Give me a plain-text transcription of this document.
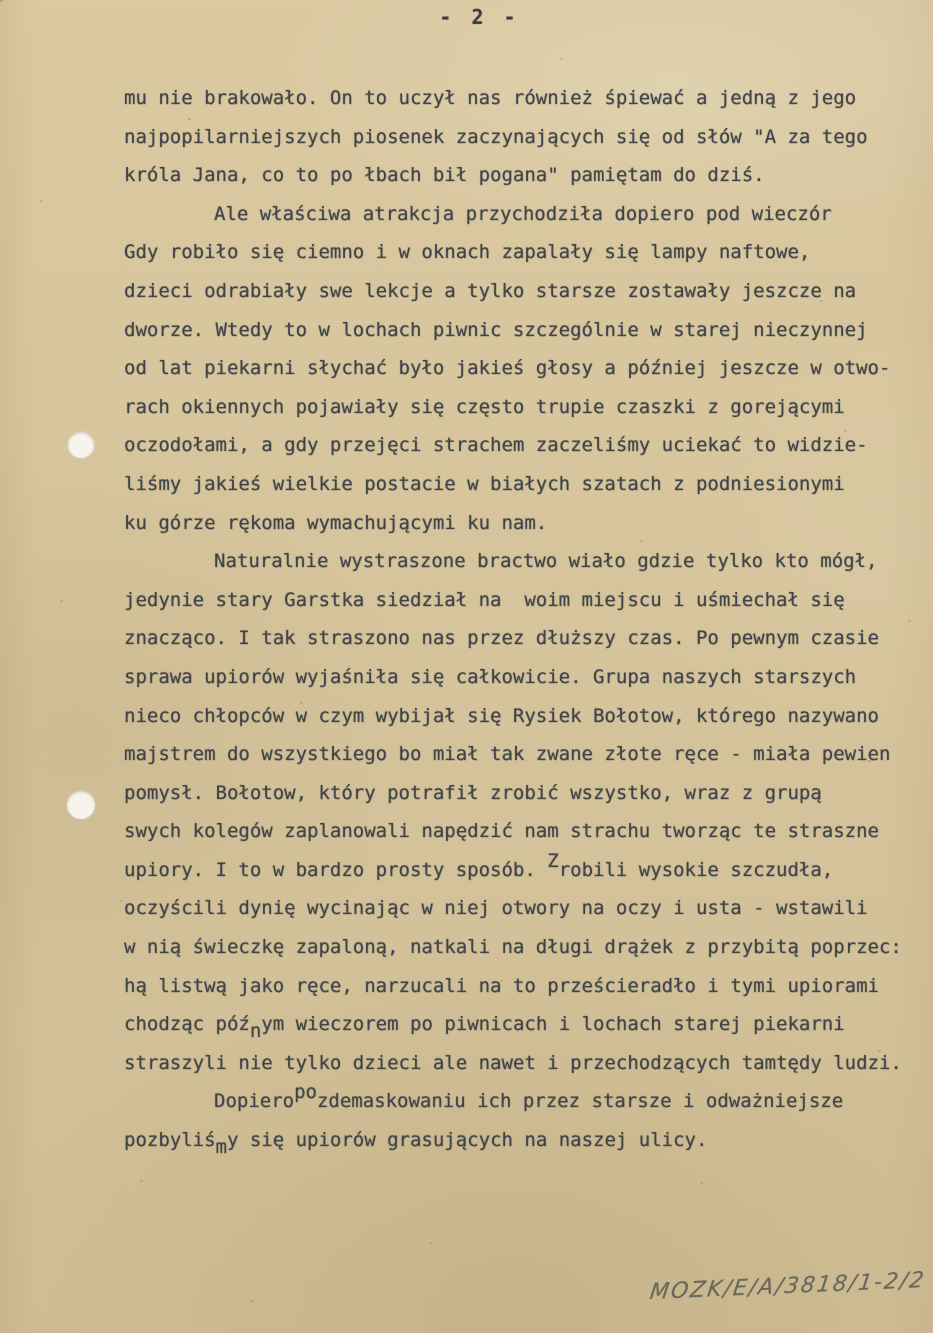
- 2 -
mu nie brakowało. On to uczył nas również śpiewać a jedną z jego
najpopilarniejszych piosenek zaczynających się od słów "A za tego
króla Jana, co to po łbach bił pogana" pamiętam do dziś.
Ale właściwa atrakcja przychodziła dopiero pod wieczór
Gdy robiło się ciemno i w oknach zapalały się lampy naftowe,
dzieci odrabiały swe lekcje a tylko starsze zostawały jeszcze na
dworze. Wtedy to w lochach piwnic szczególnie w starej nieczynnej
od lat piekarni słychać było jakieś głosy a później jeszcze w otwo-
rach okiennych pojawiały się często trupie czaszki z gorejącymi
oczodołami, a gdy przejęci strachem zaczeliśmy uciekać to widzie-
liśmy jakieś wielkie postacie w białych szatach z podniesionymi
ku górze rękoma wymachującymi ku nam.
Naturalnie wystraszone bractwo wiało gdzie tylko kto mógł,
jedynie stary Garstka siedział na  woim miejscu i uśmiechał się
znacząco. I tak straszono nas przez dłuższy czas. Po pewnym czasie
sprawa upiorów wyjaśniła się całkowicie. Grupa naszych starszych
nieco chłopców w czym wybijał się Rysiek Bołotow, którego nazywano
majstrem do wszystkiego bo miał tak zwane złote ręce - miała pewien
pomysł. Bołotow, który potrafił zrobić wszystko, wraz z grupą
swych kolegów zaplanowali napędzić nam strachu tworząc te straszne
upiory. I to w bardzo prosty sposób. Zrobili wysokie szczudła,
oczyścili dynię wycinając w niej otwory na oczy i usta - wstawili
w nią świeczkę zapaloną, natkali na długi drążek z przybitą poprzec:
hą listwą jako ręce, narzucali na to prześcieradło i tymi upiorami
chodząc późnym wieczorem po piwnicach i lochach starej piekarni
straszyli nie tylko dzieci ale nawet i przechodzących tamtędy ludzi.
Dopieropozdemaskowaniu ich przez starsze i odważniejsze
pozbyliśmy się upiorów grasujących na naszej ulicy.
MOZK/E/A/3818/1-2/2
